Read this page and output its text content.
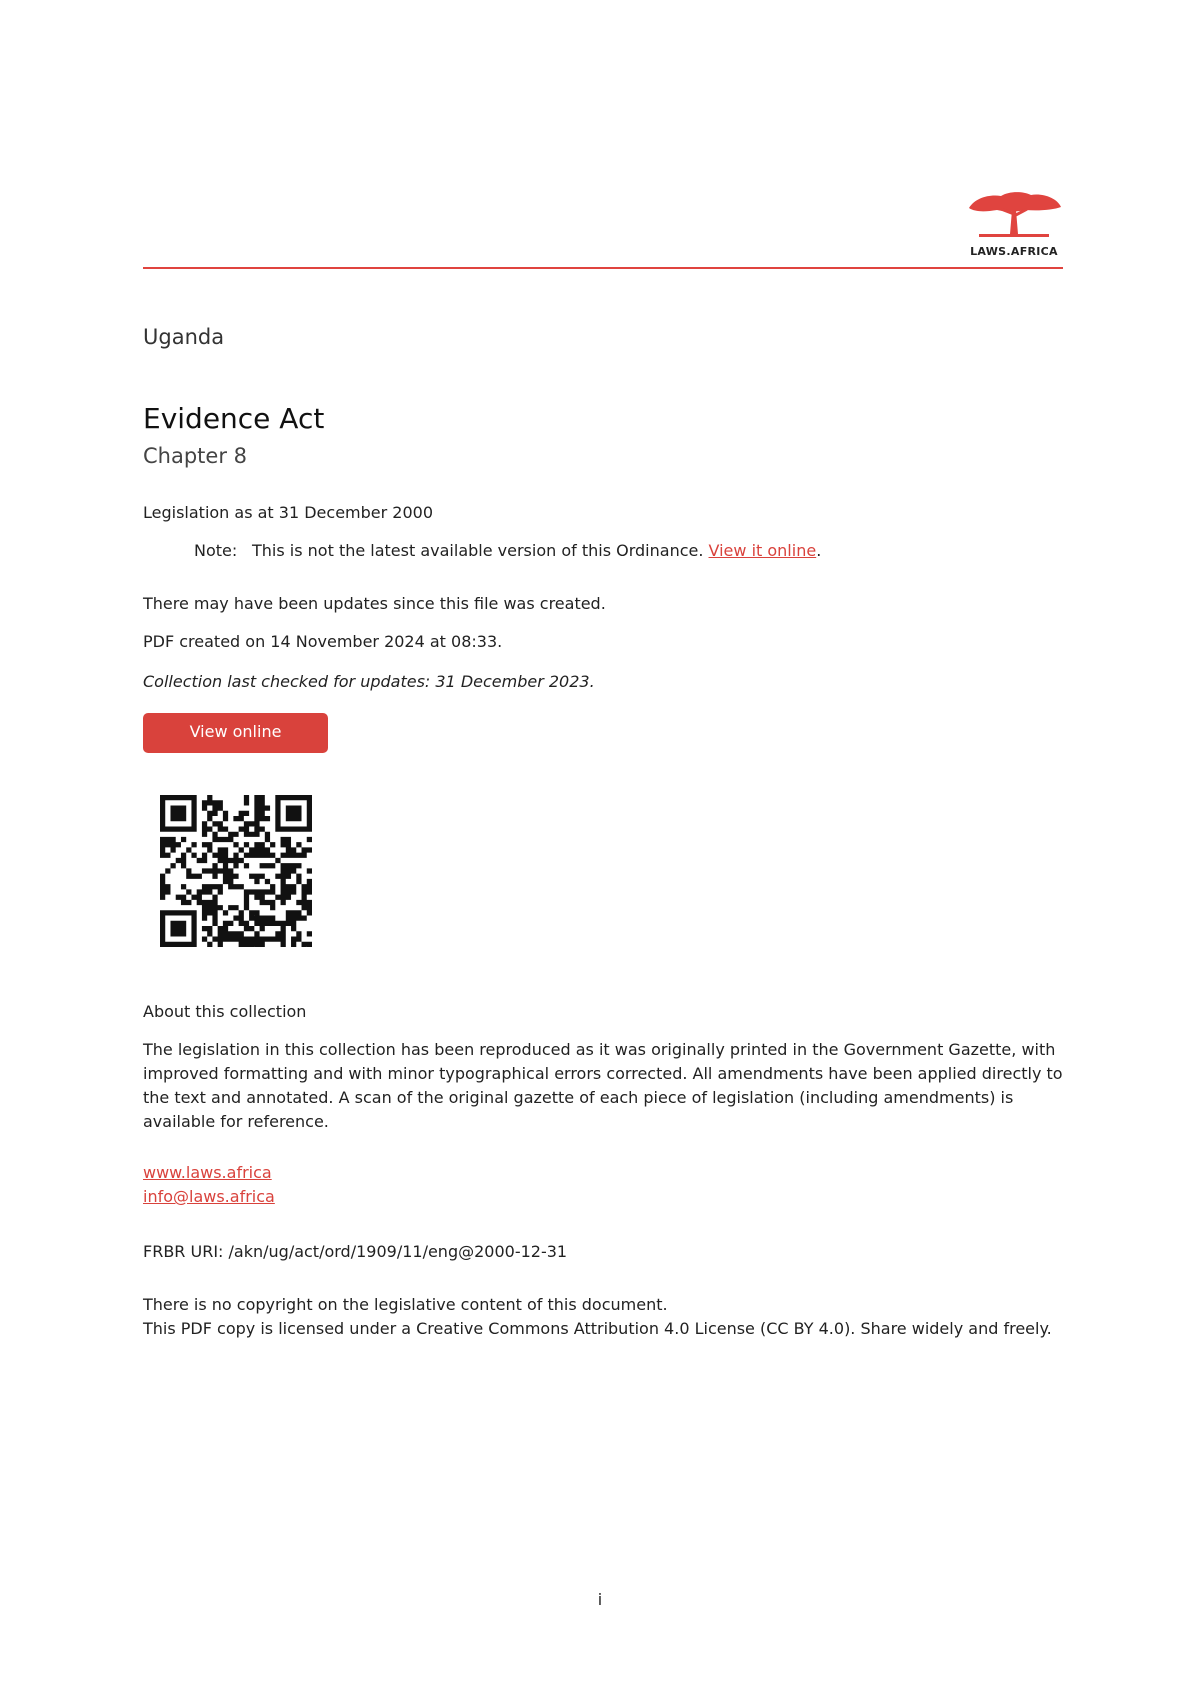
LAWS.AFRICA
Uganda
Evidence Act
Chapter 8
Legislation as at 31 December 2000
Note: This is not the latest available version of this Ordinance. View it online.
There may have been updates since this file was created.
PDF created on 14 November 2024 at 08:33.
Collection last checked for updates: 31 December 2023.
View online
About this collection
The legislation in this collection has been reproduced as it was originally printed in the Government Gazette, with improved formatting and with minor typographical errors corrected. All amendments have been applied directly to the text and annotated. A scan of the original gazette of each piece of legislation (including amendments) is available for reference.
www.laws.africa
info@laws.africa
FRBR URI: /akn/ug/act/ord/1909/11/eng@2000-12-31
There is no copyright on the legislative content of this document.
This PDF copy is licensed under a Creative Commons Attribution 4.0 License (CC BY 4.0). Share widely and freely.
i
